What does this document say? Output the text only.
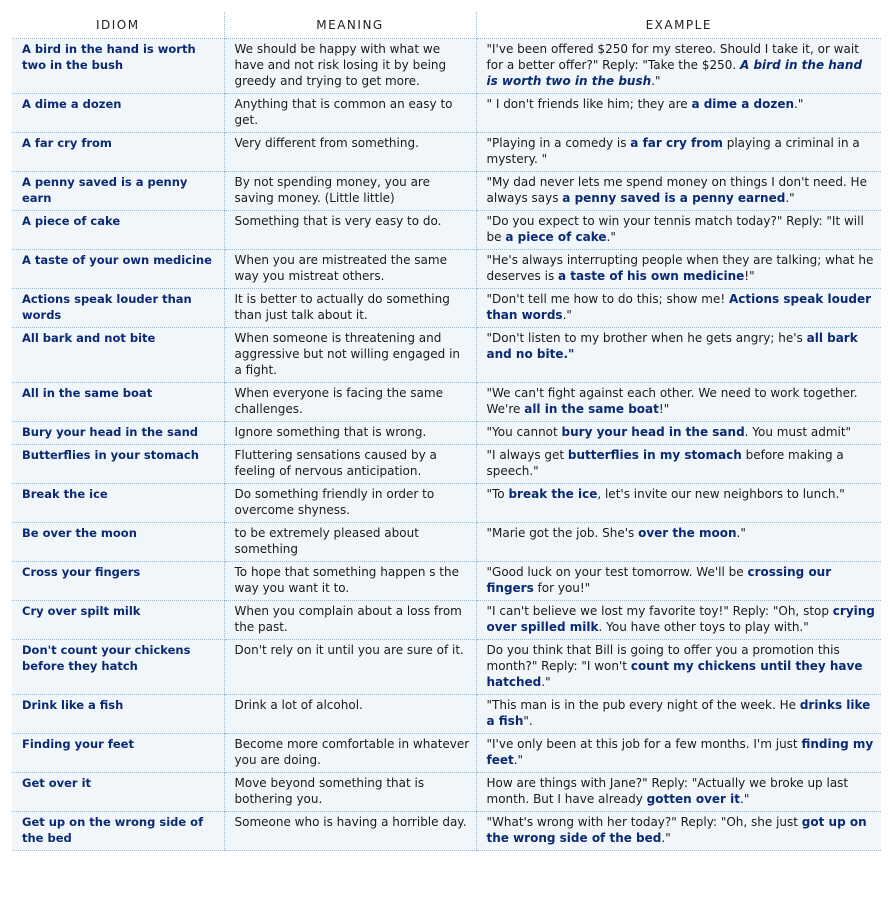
IDIOM	MEANING	EXAMPLE
A bird in the hand is worth two in the bush	We should be happy with what we have and not risk losing it by being greedy and trying to get more.	"I've been offered $250 for my stereo. Should I take it, or wait for a better offer?" Reply: "Take the $250. A bird in the hand is worth two in the bush."
A dime a dozen	Anything that is common an easy to get.	" I don't friends like him; they are a dime a dozen."
A far cry from	Very different from something.	"Playing in a comedy is a far cry from playing a criminal in a mystery. "
A penny saved is a penny earn	By not spending money, you are saving money. (Little little)	"My dad never lets me spend money on things I don't need. He always says a penny saved is a penny earned."
A piece of cake	Something that is very easy to do.	"Do you expect to win your tennis match today?" Reply: "It will be a piece of cake."
A taste of your own medicine	When you are mistreated the same way you mistreat others.	"He's always interrupting people when they are talking; what he deserves is a taste of his own medicine!"
Actions speak louder than words	It is better to actually do something than just talk about it.	"Don't tell me how to do this; show me! Actions speak louder than words."
All bark and not bite	When someone is threatening and aggressive but not willing engaged in a fight.	"Don't listen to my brother when he gets angry; he's all bark and no bite."
All in the same boat	When everyone is facing the same challenges.	"We can't fight against each other. We need to work together. We're all in the same boat!"
Bury your head in the sand	Ignore something that is wrong.	"You cannot bury your head in the sand. You must admit"
Butterflies in your stomach	Fluttering sensations caused by a feeling of nervous anticipation.	"I always get butterflies in my stomach before making a speech."
Break the ice	Do something friendly in order to overcome shyness.	"To break the ice, let's invite our new neighbors to lunch."
Be over the moon	to be extremely pleased about something	"Marie got the job. She's over the moon."
Cross your fingers	To hope that something happen s the way you want it to.	"Good luck on your test tomorrow. We'll be crossing our fingers for you!"
Cry over spilt milk	When you complain about a loss from the past.	"I can't believe we lost my favorite toy!" Reply: "Oh, stop crying over spilled milk. You have other toys to play with."
Don't count your chickens before they hatch	Don't rely on it until you are sure of it.	Do you think that Bill is going to offer you a promotion this month?" Reply: "I won't count my chickens until they have hatched."
Drink like a fish	Drink a lot of alcohol.	"This man is in the pub every night of the week. He drinks like a fish".
Finding your feet	Become more comfortable in whatever you are doing.	"I've only been at this job for a few months. I'm just finding my feet."
Get over it	Move beyond something that is bothering you.	How are things with Jane?" Reply: "Actually we broke up last month. But I have already gotten over it."
Get up on the wrong side of the bed	Someone who is having a horrible day.	"What's wrong with her today?" Reply: "Oh, she just got up on the wrong side of the bed."
